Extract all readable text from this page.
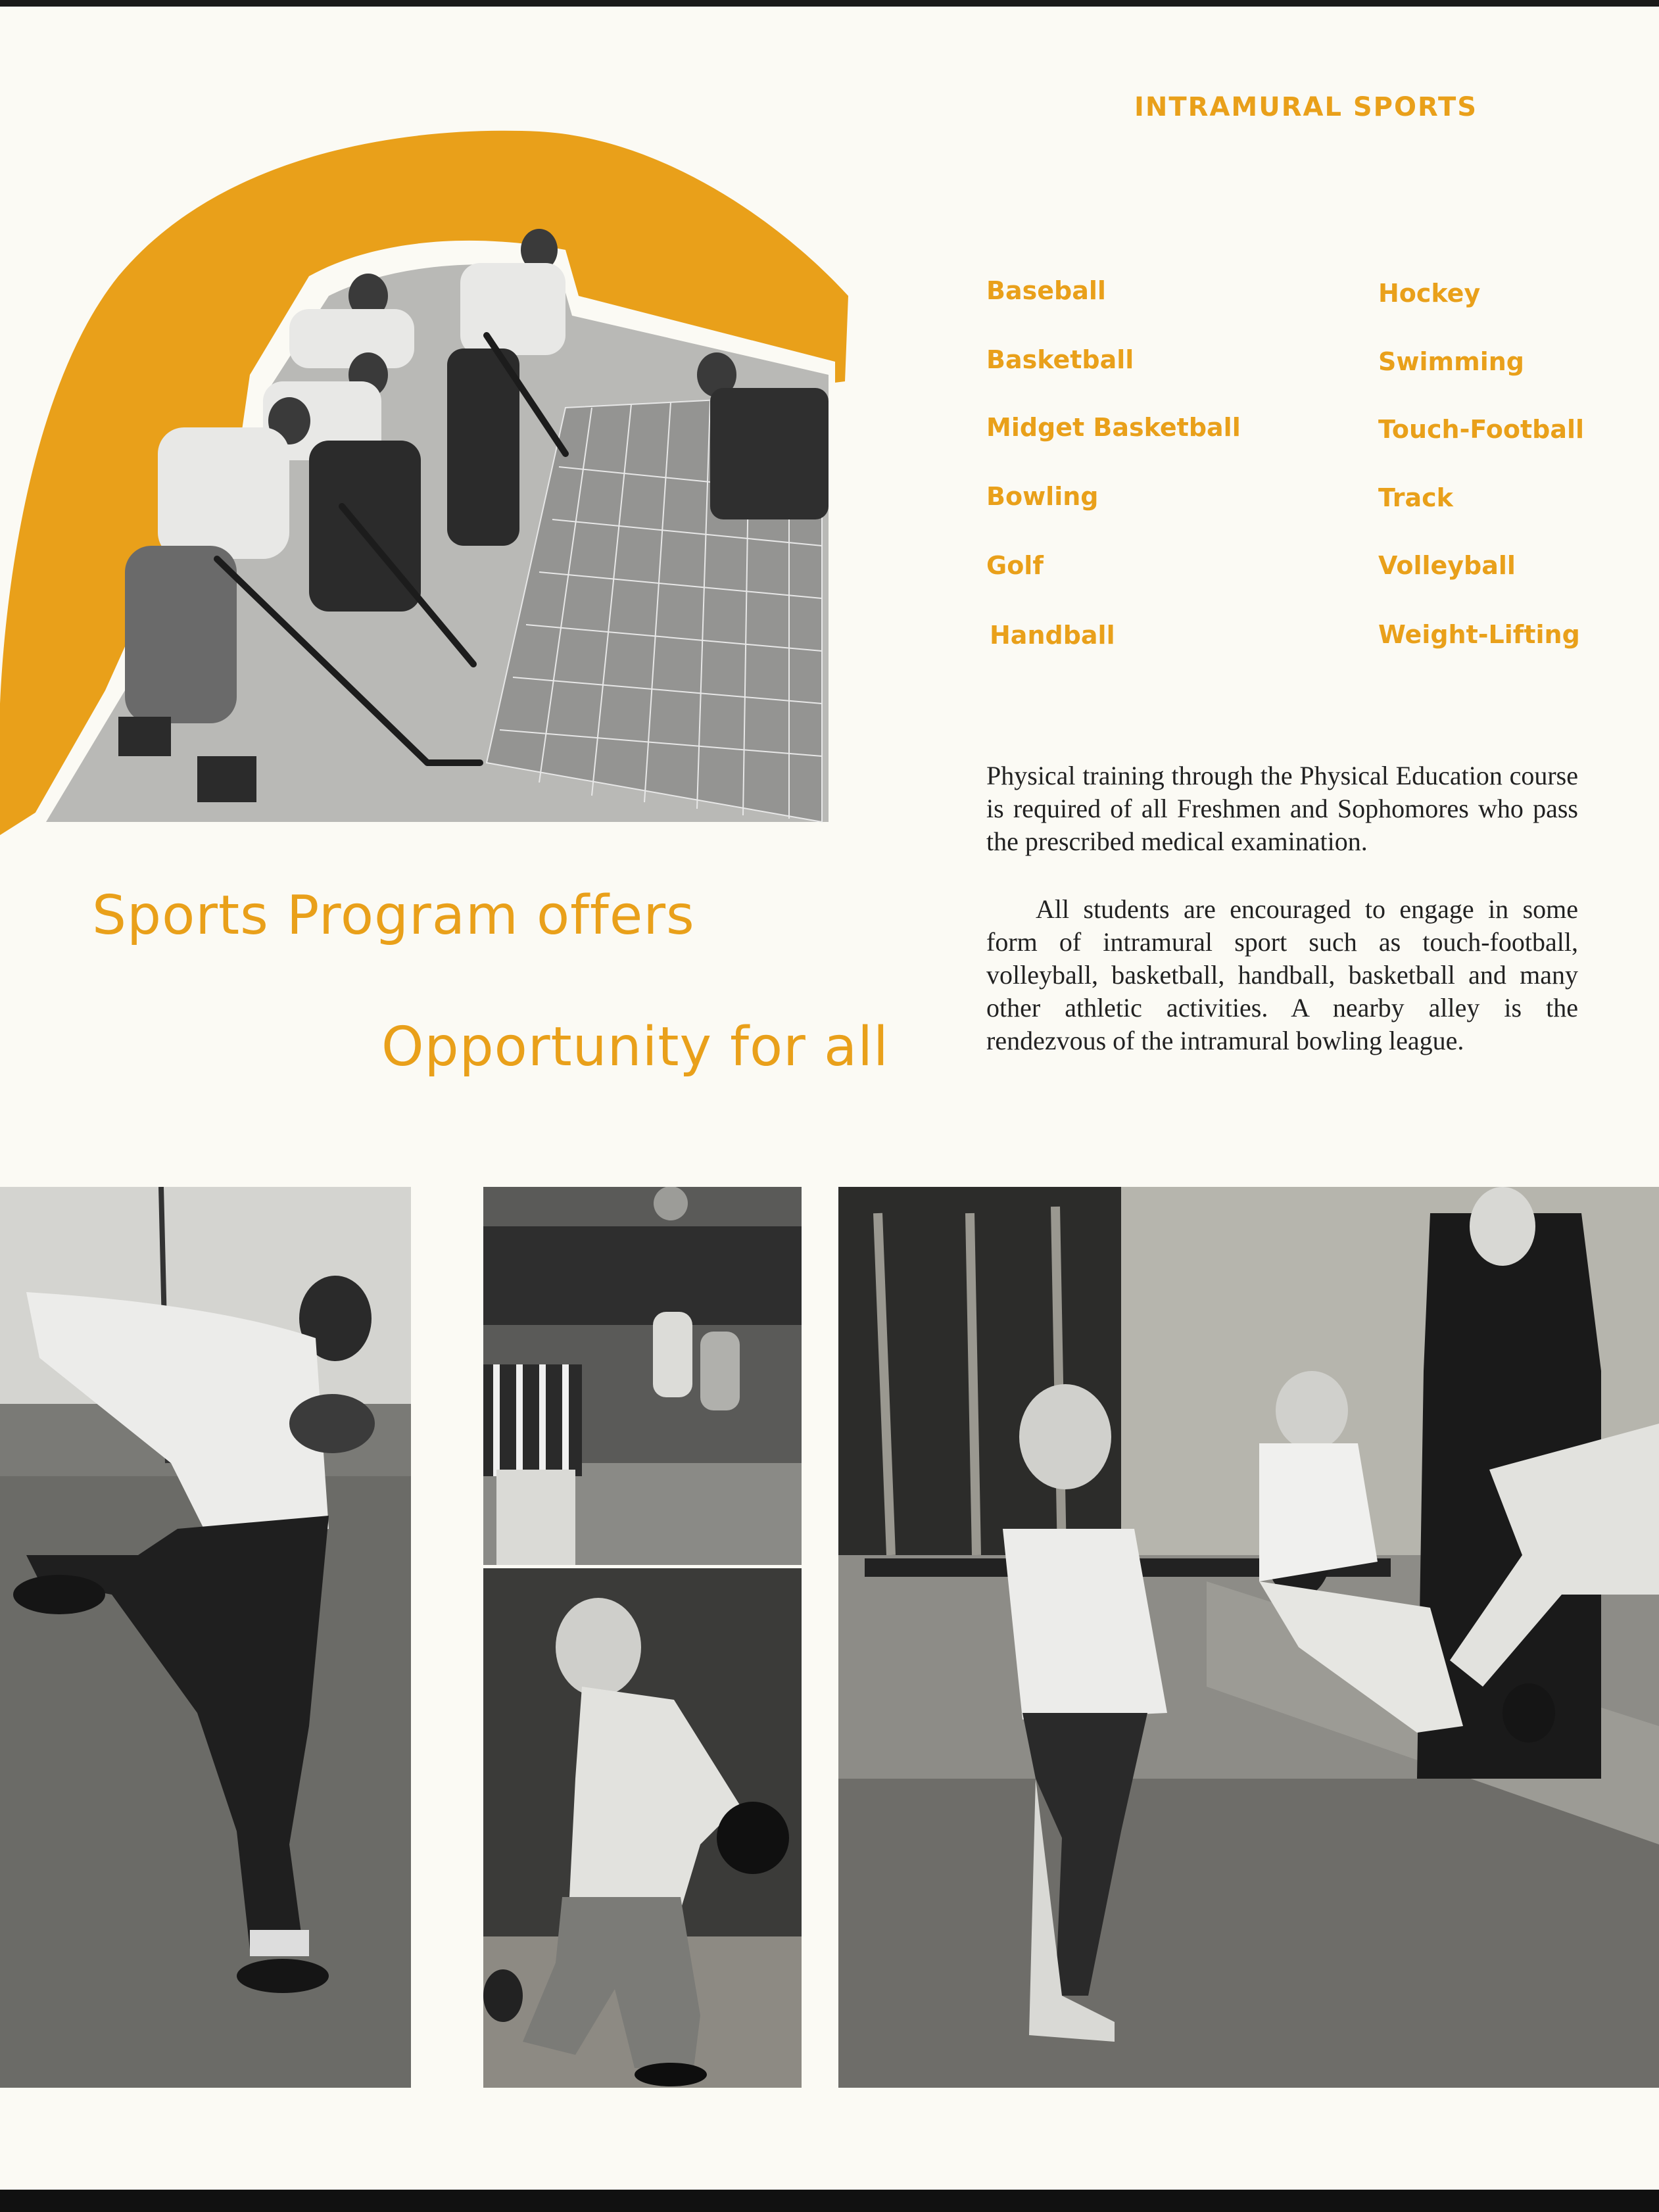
INTRAMURAL SPORTS
Baseball
Basketball
Midget Basketball
Bowling
Golf
Handball
Hockey
Swimming
Touch-Football
Track
Volleyball
Weight-Lifting
Sports Program offers
Opportunity for all

Physical training through the Physical Education course is required of all Freshmen and Sophomores who pass the prescribed medical examination.

All students are encouraged to engage in some form of intramural sport such as touch-football, volleyball, basketball, handball, basketball and many other athletic activities. A nearby alley is the rendezvous of the intramural bowling league.
